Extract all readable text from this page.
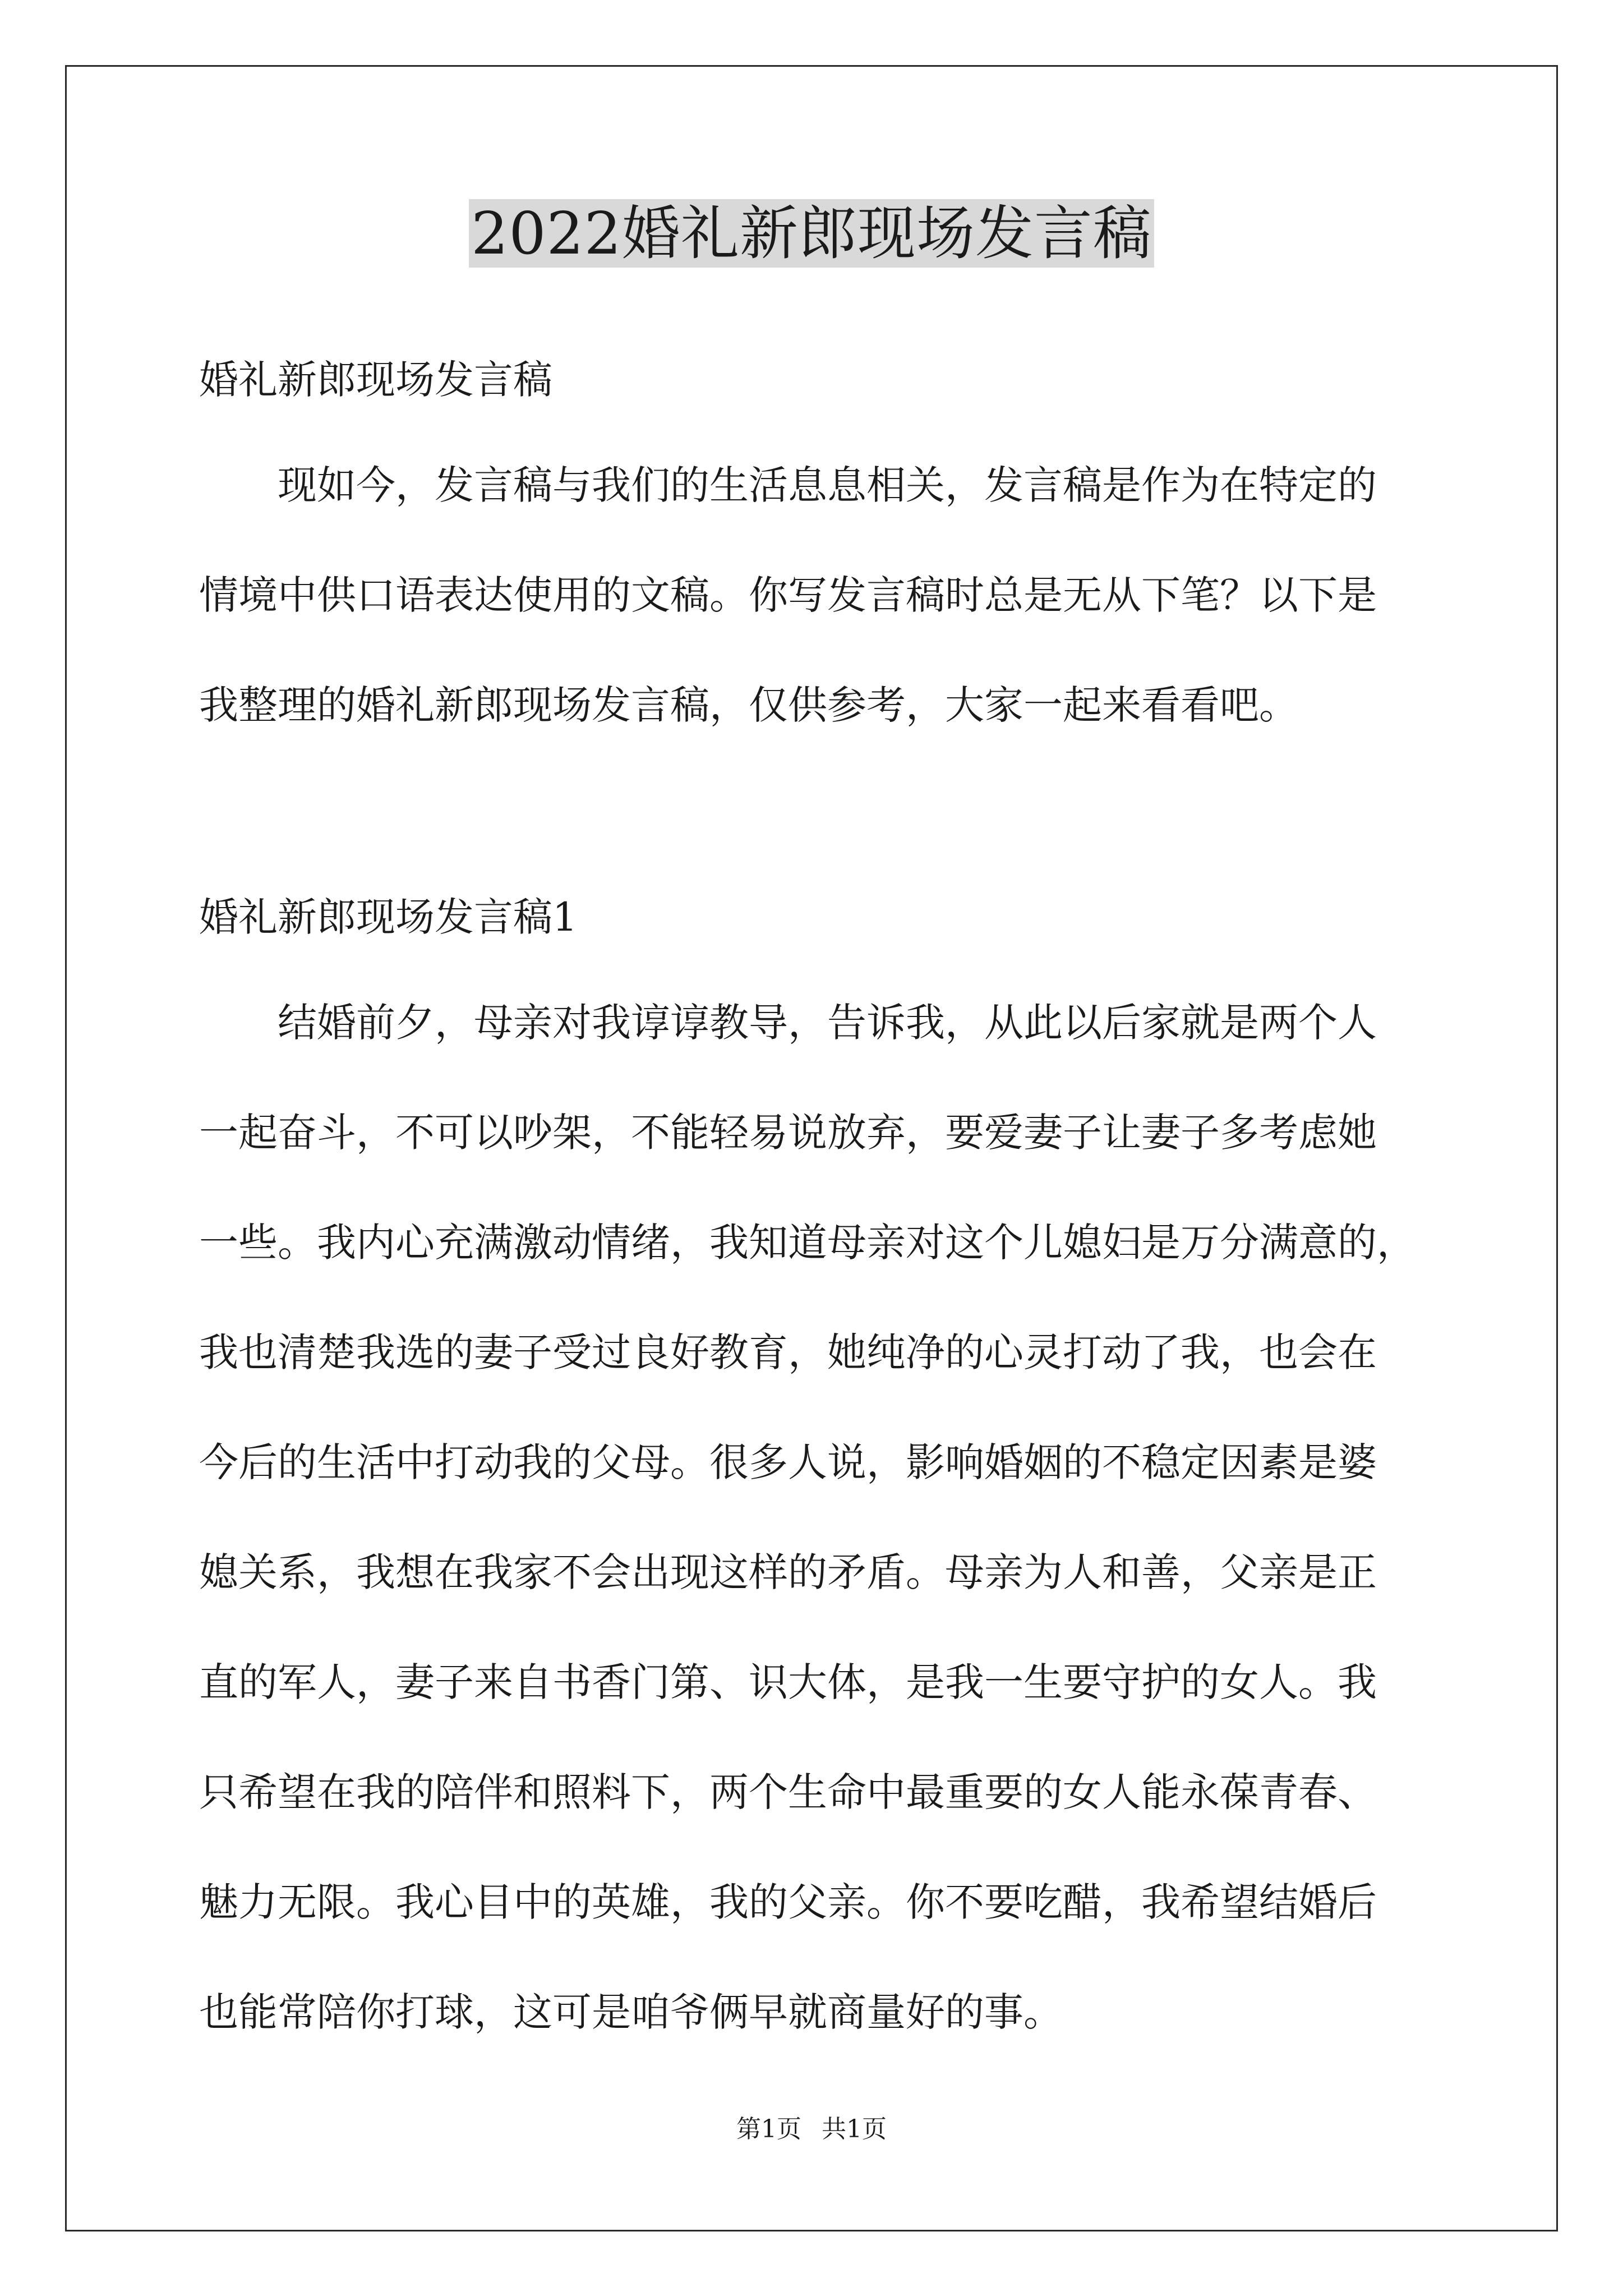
2022婚礼新郎现场发言稿

婚礼新郎现场发言稿

现如今，发言稿与我们的生活息息相关，发言稿是作为在特定的

情境中供口语表达使用的文稿。你写发言稿时总是无从下笔？以下是

我整理的婚礼新郎现场发言稿，仅供参考，大家一起来看看吧。

婚礼新郎现场发言稿1

结婚前夕，母亲对我谆谆教导，告诉我，从此以后家就是两个人

一起奋斗，不可以吵架，不能轻易说放弃，要爱妻子让妻子多考虑她

一些。我内心充满激动情绪，我知道母亲对这个儿媳妇是万分满意的，

我也清楚我选的妻子受过良好教育，她纯净的心灵打动了我，也会在

今后的生活中打动我的父母。很多人说，影响婚姻的不稳定因素是婆

媳关系，我想在我家不会出现这样的矛盾。母亲为人和善，父亲是正

直的军人，妻子来自书香门第、识大体，是我一生要守护的女人。我

只希望在我的陪伴和照料下，两个生命中最重要的女人能永葆青春、

魅力无限。我心目中的英雄，我的父亲。你不要吃醋，我希望结婚后

也能常陪你打球，这可是咱爷俩早就商量好的事。

第1页 共1页
